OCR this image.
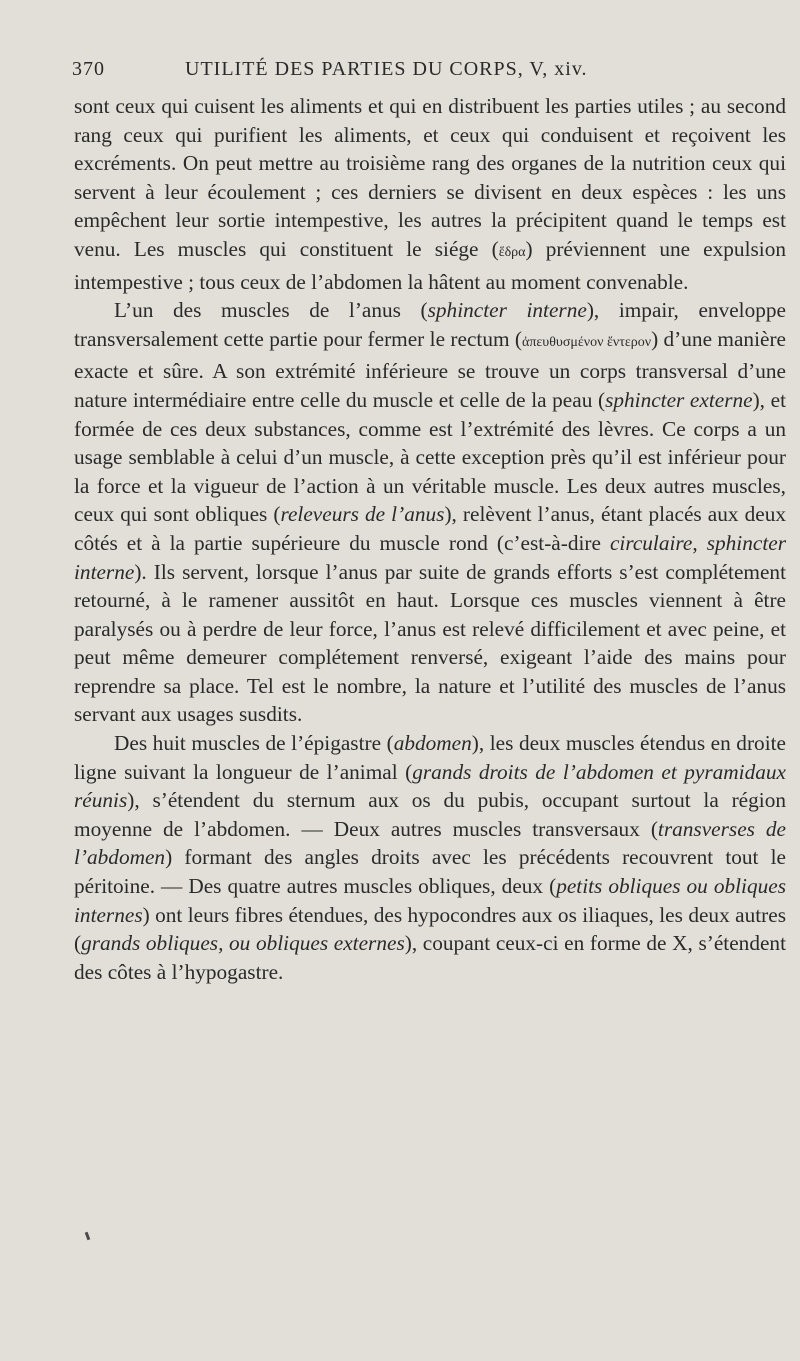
370	UTILITÉ DES PARTIES DU CORPS, V, xiv.

sont ceux qui cuisent les aliments et qui en distribuent les parties utiles ; au second rang ceux qui purifient les aliments, et ceux qui conduisent et reçoivent les excréments. On peut mettre au troisième rang des organes de la nutrition ceux qui servent à leur écoulement ; ces derniers se divisent en deux espèces : les uns empêchent leur sortie intempestive, les autres la précipitent quand le temps est venu. Les muscles qui constituent le siége (ἕδρα) préviennent une expulsion intempestive ; tous ceux de l’abdomen la hâtent au moment convenable.

L’un des muscles de l’anus (sphincter interne), impair, enveloppe transversalement cette partie pour fermer le rectum (ἀπευθυσμένον ἔντερον) d’une manière exacte et sûre. A son extrémité inférieure se trouve un corps transversal d’une nature intermédiaire entre celle du muscle et celle de la peau (sphincter externe), et formée de ces deux substances, comme est l’extrémité des lèvres. Ce corps a un usage semblable à celui d’un muscle, à cette exception près qu’il est inférieur pour la force et la vigueur de l’action à un véritable muscle. Les deux autres muscles, ceux qui sont obliques (releveurs de l’anus), relèvent l’anus, étant placés aux deux côtés et à la partie supérieure du muscle rond (c’est-à-dire circulaire, sphincter interne). Ils servent, lorsque l’anus par suite de grands efforts s’est complétement retourné, à le ramener aussitôt en haut. Lorsque ces muscles viennent à être paralysés ou à perdre de leur force, l’anus est relevé difficilement et avec peine, et peut même demeurer complétement renversé, exigeant l’aide des mains pour reprendre sa place. Tel est le nombre, la nature et l’utilité des muscles de l’anus servant aux usages susdits.

Des huit muscles de l’épigastre (abdomen), les deux muscles étendus en droite ligne suivant la longueur de l’animal (grands droits de l’abdomen et pyramidaux réunis), s’étendent du sternum aux os du pubis, occupant surtout la région moyenne de l’abdomen. — Deux autres muscles transversaux (transverses de l’abdomen) formant des angles droits avec les précédents recouvrent tout le péritoine. — Des quatre autres muscles obliques, deux (petits obliques ou obliques internes) ont leurs fibres étendues, des hypocondres aux os iliaques, les deux autres (grands obliques, ou obliques externes), coupant ceux-ci en forme de X, s’étendent des côtes à l’hypogastre.
